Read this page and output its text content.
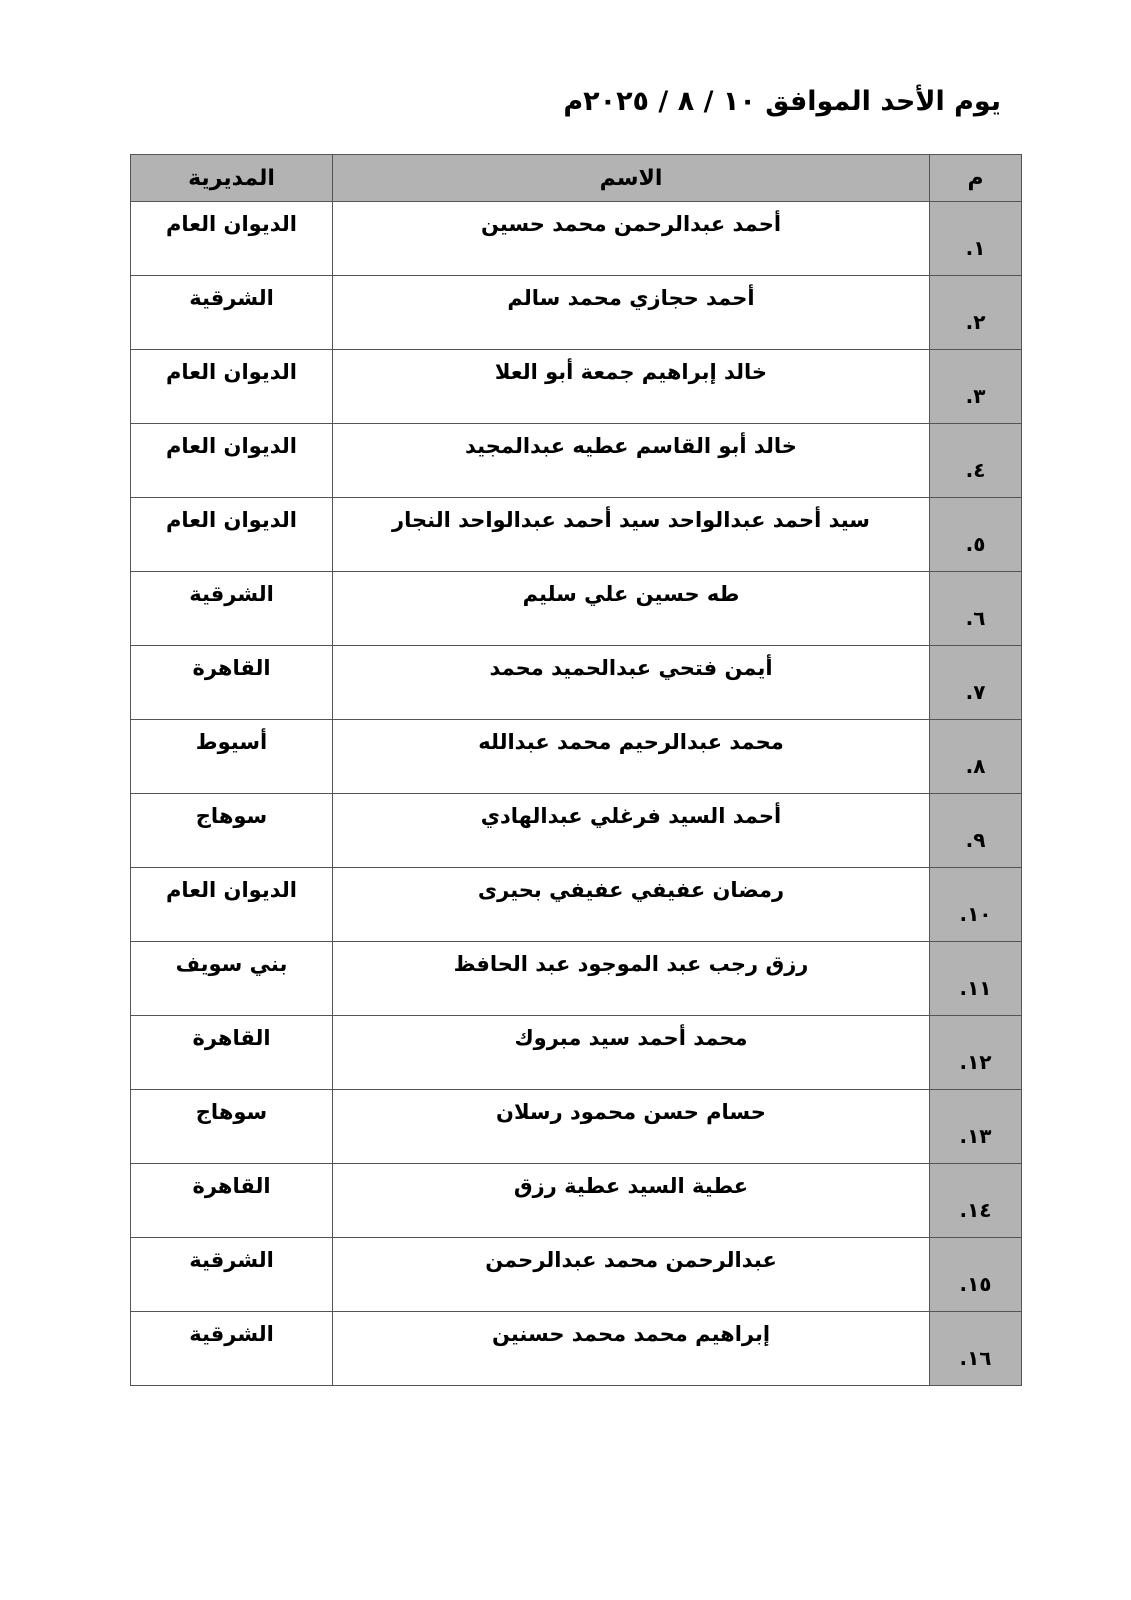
يوم الأحد الموافق ١٠ / ٨ / ٢٠٢٥م
م	الاسم	المديرية
١.	أحمد عبدالرحمن محمد حسين	الديوان العام
٢.	أحمد حجازي محمد سالم	الشرقية
٣.	خالد إبراهيم جمعة أبو العلا	الديوان العام
٤.	خالد أبو القاسم عطيه عبدالمجيد	الديوان العام
٥.	سيد أحمد عبدالواحد سيد أحمد عبدالواحد النجار	الديوان العام
٦.	طه حسين علي سليم	الشرقية
٧.	أيمن فتحي عبدالحميد محمد	القاهرة
٨.	محمد عبدالرحيم محمد عبدالله	أسيوط
٩.	أحمد السيد فرغلي عبدالهادي	سوهاج
١٠.	رمضان عفيفي عفيفي بحيرى	الديوان العام
١١.	رزق رجب عبد الموجود عبد الحافظ	بني سويف
١٢.	محمد أحمد سيد مبروك	القاهرة
١٣.	حسام حسن محمود رسلان	سوهاج
١٤.	عطية السيد عطية رزق	القاهرة
١٥.	عبدالرحمن محمد عبدالرحمن	الشرقية
١٦.	إبراهيم محمد محمد حسنين	الشرقية
